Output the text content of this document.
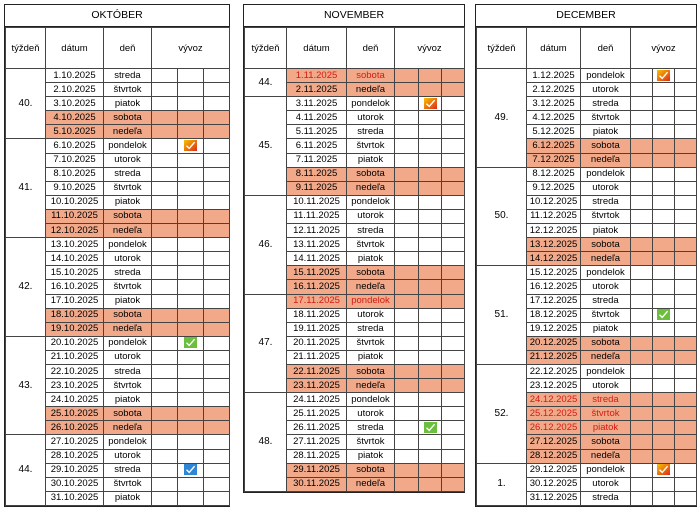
OKTÓBER
týždeň	dátum	deň	vývoz		
40.	1.10.2025	streda			
	2.10.2025	štvrtok			
	3.10.2025	piatok			
	4.10.2025	sobota			
	5.10.2025	nedeľa			
41.	6.10.2025	pondelok		

	7.10.2025	utorok			
	8.10.2025	streda			
	9.10.2025	štvrtok			
	10.10.2025	piatok			
	11.10.2025	sobota			
	12.10.2025	nedeľa			
42.	13.10.2025	pondelok			
	14.10.2025	utorok			
	15.10.2025	streda			
	16.10.2025	štvrtok			
	17.10.2025	piatok			
	18.10.2025	sobota			
	19.10.2025	nedeľa			
43.	20.10.2025	pondelok		

	21.10.2025	utorok			
	22.10.2025	streda			
	23.10.2025	štvrtok			
	24.10.2025	piatok			
	25.10.2025	sobota			
	26.10.2025	nedeľa			
44.	27.10.2025	pondelok			
	28.10.2025	utorok			
	29.10.2025	streda		

	30.10.2025	štvrtok			
	31.10.2025	piatok			
NOVEMBER
týždeň	dátum	deň	vývoz		
44.	1.11.2025	sobota			
	2.11.2025	nedeľa			
45.	3.11.2025	pondelok		

	4.11.2025	utorok			
	5.11.2025	streda			
	6.11.2025	štvrtok			
	7.11.2025	piatok			
	8.11.2025	sobota			
	9.11.2025	nedeľa			
46.	10.11.2025	pondelok			
	11.11.2025	utorok			
	12.11.2025	streda			
	13.11.2025	štvrtok			
	14.11.2025	piatok			
	15.11.2025	sobota			
	16.11.2025	nedeľa			
47.	17.11.2025	pondelok			
	18.11.2025	utorok			
	19.11.2025	streda			
	20.11.2025	štvrtok			
	21.11.2025	piatok			
	22.11.2025	sobota			
	23.11.2025	nedeľa			
48.	24.11.2025	pondelok			
	25.11.2025	utorok			
	26.11.2025	streda		

	27.11.2025	štvrtok			
	28.11.2025	piatok			
	29.11.2025	sobota			
	30.11.2025	nedeľa			
DECEMBER
týždeň	dátum	deň	vývoz		
49.	1.12.2025	pondelok		

	2.12.2025	utorok			
	3.12.2025	streda			
	4.12.2025	štvrtok			
	5.12.2025	piatok			
	6.12.2025	sobota			
	7.12.2025	nedeľa			
50.	8.12.2025	pondelok			
	9.12.2025	utorok			
	10.12.2025	streda			
	11.12.2025	štvrtok			
	12.12.2025	piatok			
	13.12.2025	sobota			
	14.12.2025	nedeľa			
51.	15.12.2025	pondelok			
	16.12.2025	utorok			
	17.12.2025	streda			
	18.12.2025	štvrtok		

	19.12.2025	piatok			
	20.12.2025	sobota			
	21.12.2025	nedeľa			
52.	22.12.2025	pondelok			
	23.12.2025	utorok			
	24.12.2025	streda			
	25.12.2025	štvrtok			
	26.12.2025	piatok			
	27.12.2025	sobota			
	28.12.2025	nedeľa			
1.	29.12.2025	pondelok		

	30.12.2025	utorok			
	31.12.2025	streda			
